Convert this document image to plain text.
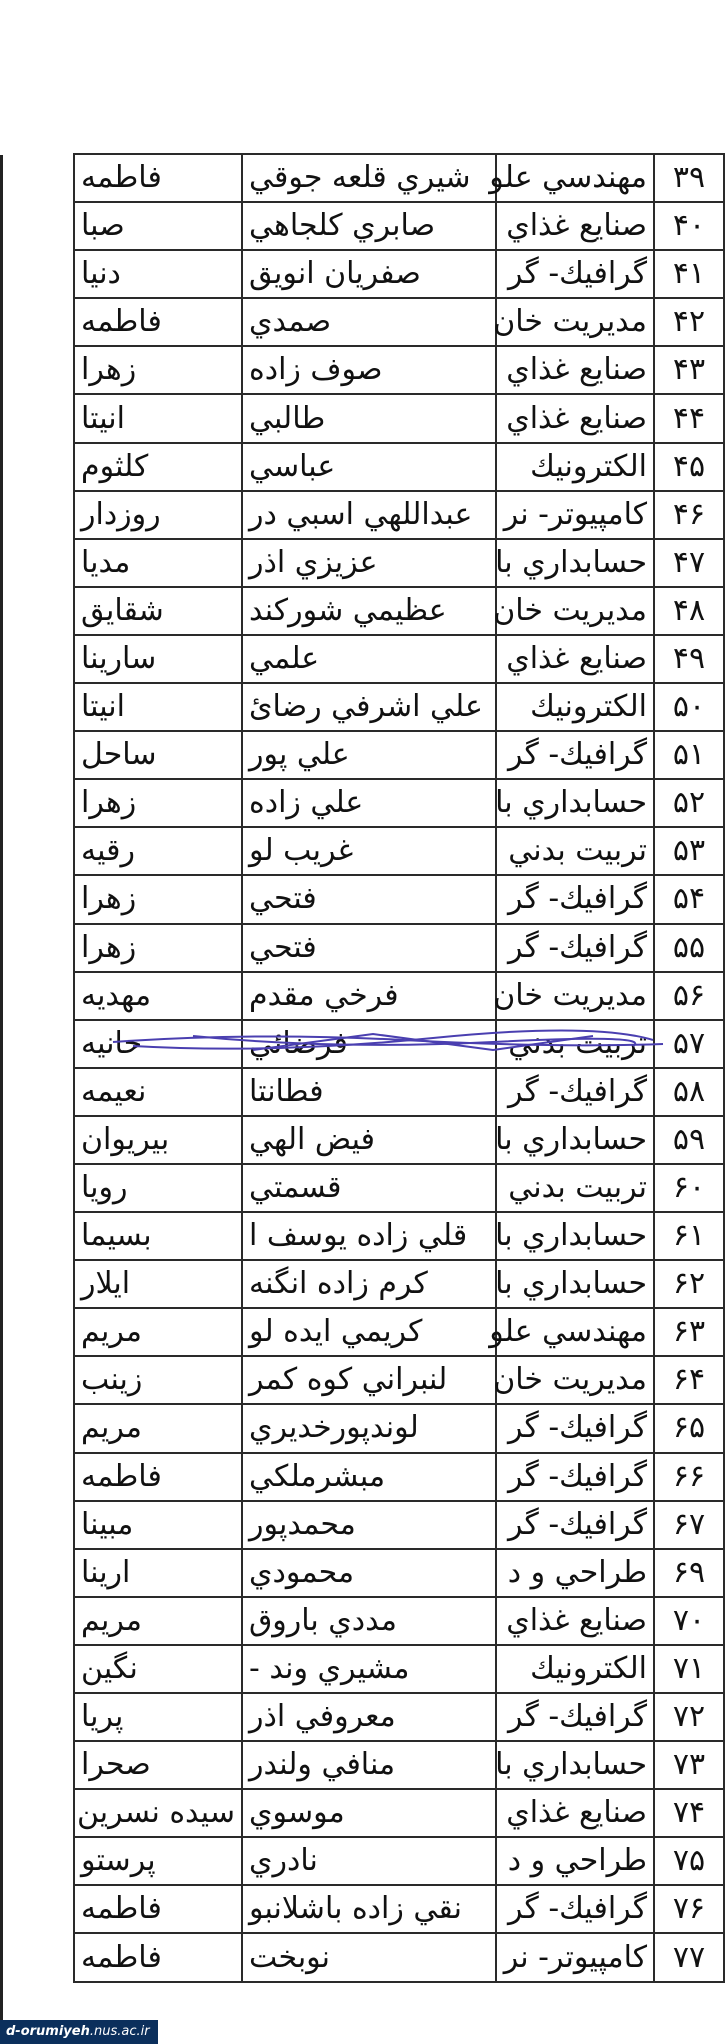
۳۹	مهندسي علو	شيري قلعه جوقي	فاطمه
۴۰	صنايع غذاي	صابري كلجاهي	صبا
۴۱	گرافيك- گر	صفريان انويق	دنيا
۴۲	مديريت خان	صمدي	فاطمه
۴۳	صنايع غذاي	صوف زاده	زهرا
۴۴	صنايع غذاي	طالبي	انيتا
۴۵	الكترونيك	عباسي	كلثوم
۴۶	كامپيوتر- نر	عبداللهي اسبي در	روزدار
۴۷	حسابداري با	عزيزي اذر	مديا
۴۸	مديريت خان	عظيمي شوركند	شقايق
۴۹	صنايع غذاي	علمي	سارينا
۵۰	الكترونيك	علي اشرفي رضائ	انيتا
۵۱	گرافيك- گر	علي پور	ساحل
۵۲	حسابداري با	علي زاده	زهرا
۵۳	تربيت بدني	غريب لو	رقيه
۵۴	گرافيك- گر	فتحي	زهرا
۵۵	گرافيك- گر	فتحي	زهرا
۵۶	مديريت خان	فرخي مقدم	مهديه
۵۷	تربيت بدني	فرضائي	حانيه
۵۸	گرافيك- گر	فطانتا	نعيمه
۵۹	حسابداري با	فيض الهي	بيريوان
۶۰	تربيت بدني	قسمتي	رويا
۶۱	حسابداري با	قلي زاده يوسف ا	بسيما
۶۲	حسابداري با	كرم زاده انگنه	ايلار
۶۳	مهندسي علو	كريمي ايده لو	مريم
۶۴	مديريت خان	لنبراني كوه كمر	زينب
۶۵	گرافيك- گر	لوندپورخديري	مريم
۶۶	گرافيك- گر	مبشرملكي	فاطمه
۶۷	گرافيك- گر	محمدپور	مبينا
۶۹	طراحي و د	محمودي	ارينا
۷۰	صنايع غذاي	مددي باروق	مريم
۷۱	الكترونيك	مشيري وند -	نگين
۷۲	گرافيك- گر	معروفي اذر	پريا
۷۳	حسابداري با	منافي ولندر	صحرا
۷۴	صنايع غذاي	موسوي	سيده نسرين
۷۵	طراحي و د	نادري	پرستو
۷۶	گرافيك- گر	نقي زاده باشلانبو	فاطمه
۷۷	كامپيوتر- نر	نوبخت	فاطمه
d-orumiyeh.nus.ac.ir
